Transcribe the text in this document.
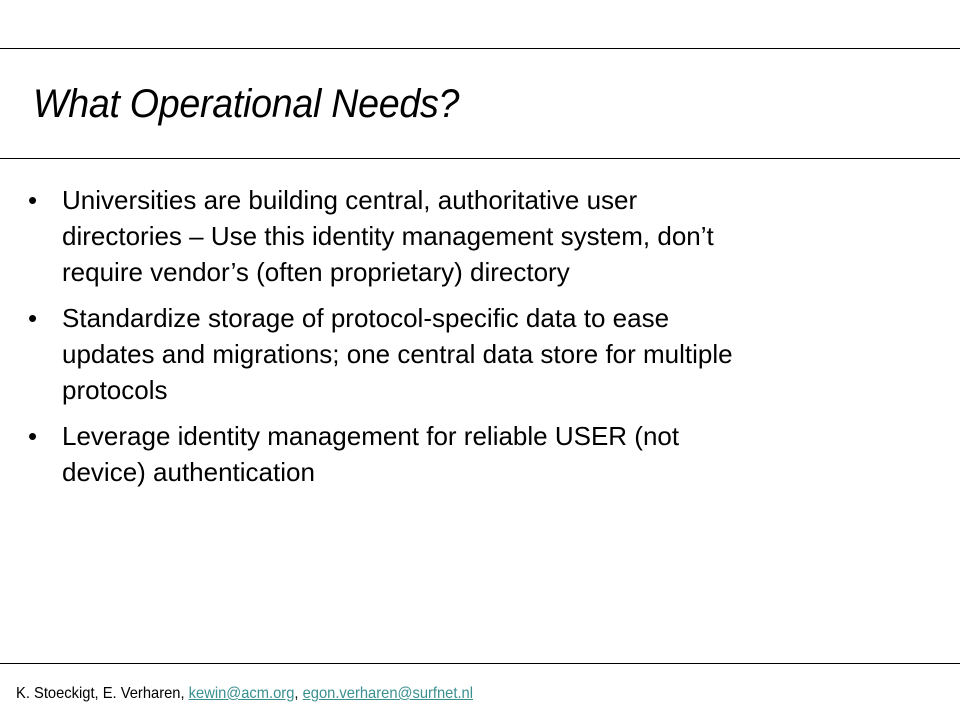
What Operational Needs?
• Universities are building central, authoritative user
directories – Use this identity management system, don’t
require vendor’s (often proprietary) directory
• Standardize storage of protocol-specific data to ease
updates and migrations; one central data store for multiple
protocols
• Leverage identity management for reliable USER (not
device) authentication
K. Stoeckigt, E. Verharen, kewin@acm.org, egon.verharen@surfnet.nl
